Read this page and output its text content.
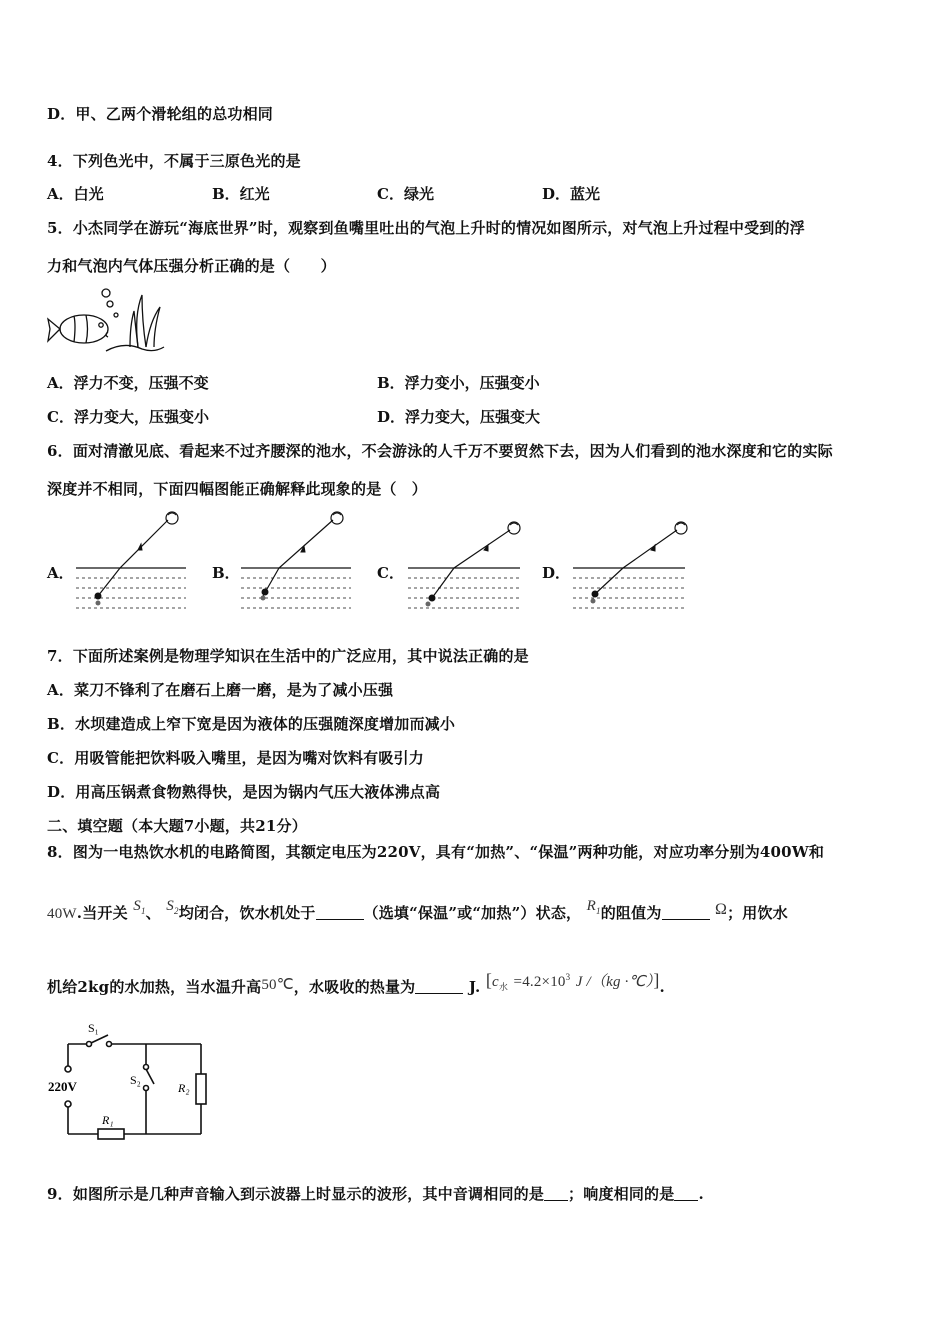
D．甲、乙两个滑轮组的总功相同
4．下列色光中，不属于三原色光的是
A．白光	B．红光	C．绿光	D．蓝光
5．小杰同学在游玩“海底世界”时，观察到鱼嘴里吐出的气泡上升时的情况如图所示，对气泡上升过程中受到的浮
力和气泡内气体压强分析正确的是（　　）
A．浮力不变，压强不变	B．浮力变小，压强变小
C．浮力变大，压强变小	D．浮力变大，压强变大
6．面对清澈见底、看起来不过齐腰深的池水，不会游泳的人千万不要贸然下去，因为人们看到的池水深度和它的实际
深度并不相同，下面四幅图能正确解释此现象的是（　）
A．	B．	C．	D．
7．下面所述案例是物理学知识在生活中的广泛应用，其中说法正确的是
A．菜刀不锋利了在磨石上磨一磨，是为了减小压强
B．水坝建造成上窄下宽是因为液体的压强随深度增加而减小
C．用吸管能把饮料吸入嘴里，是因为嘴对饮料有吸引力
D．用高压锅煮食物熟得快，是因为锅内气压大液体沸点高
二、填空题（本大题7小题，共21分）
8．图为一电热饮水机的电路简图，其额定电压为220V，具有“加热”、“保温”两种功能，对应功率分别为400W和
40W.当开关 $S_1$、 $S_2$均闭合，饮水机处于	（选填“保温”或“加热”）状态， $R_1$的阻值为	Ω；用饮水
机给2kg的水加热，当水温升高50℃，水吸收的热量为	J. [$c_水 =4.2\times 10^3$ J /（kg ·℃）].
S₁
S₂
R₂
R₁
220V
9．如图所示是几种声音输入到示波器上时显示的波形，其中音调相同的是 ；响度相同的是 .
